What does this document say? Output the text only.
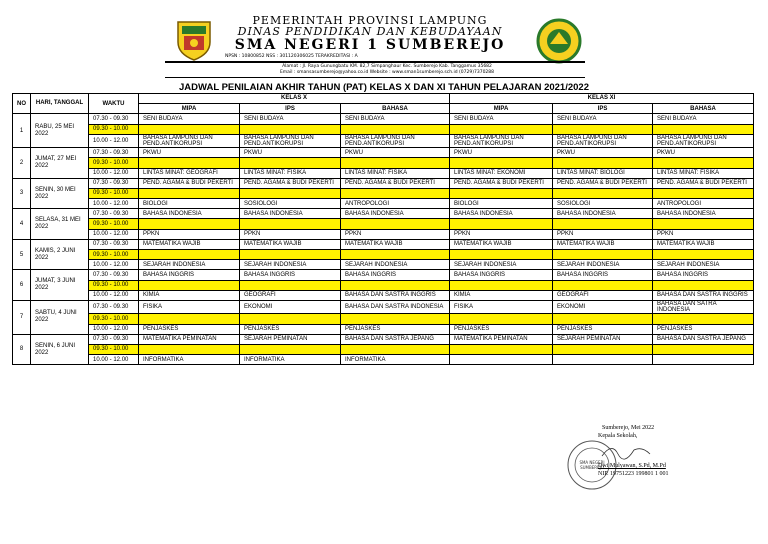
PEMERINTAH PROVINSI LAMPUNG
DINAS PENDIDIKAN DAN KEBUDAYAAN
SMA NEGERI 1 SUMBEREJO
NPSN : 10800852 NSS : 301120306025 TERAKREDITASI : A
Alamat : Jl. Raya Gunungbatu KM. 82,7 Simpanghaur Kec. Sumberejo Kab. Tanggamus 35682
Email : smansasumberejo@yahoo.co.id Website : www.sman1sumberejo.sch.id (0729)7370288
JADWAL PENILAIAN AKHIR TAHUN (PAT) KELAS X DAN XI TAHUN PELAJARAN 2021/2022
NO	HARI, TANGGAL	WAKTU	KELAS X			KELAS XI		
			MIPA	IPS	BAHASA	MIPA	IPS	BAHASA
1	RABU, 25 MEI 2022	07.30 - 09.30	SENI BUDAYA	SENI BUDAYA	SENI BUDAYA	SENI BUDAYA	SENI BUDAYA	SENI BUDAYA
		09.30 - 10.00						
		10.00 - 12.00	BAHASA LAMPUNG DAN PEND.ANTIKORUPSI	BAHASA LAMPUNG DAN PEND.ANTIKORUPSI	BAHASA LAMPUNG DAN PEND.ANTIKORUPSI	BAHASA LAMPUNG DAN PEND.ANTIKORUPSI	BAHASA LAMPUNG DAN PEND.ANTIKORUPSI	BAHASA LAMPUNG DAN PEND.ANTIKORUPSI
2	JUMAT, 27 MEI 2022	07.30 - 09.30	PKWU	PKWU	PKWU	PKWU	PKWU	PKWU
		09.30 - 10.00						
		10.00 - 12.00	LINTAS MINAT: GEOGRAFI	LINTAS MINAT: FISIKA	LINTAS MINAT: FISIKA	LINTAS MINAT: EKONOMI	LINTAS MINAT: BIOLOGI	LINTAS MINAT: FISIKA
3	SENIN, 30 MEI 2022	07.30 - 09.30	PEND. AGAMA & BUDI PEKERTI	PEND. AGAMA & BUDI PEKERTI	PEND. AGAMA & BUDI PEKERTI	PEND. AGAMA & BUDI PEKERTI	PEND. AGAMA & BUDI PEKERTI	PEND. AGAMA & BUDI PEKERTI
		09.30 - 10.00						
		10.00 - 12.00	BIOLOGI	SOSIOLOGI	ANTROPOLOGI	BIOLOGI	SOSIOLOGI	ANTROPOLOGI
4	SELASA, 31 MEI 2022	07.30 - 09.30	BAHASA INDONESIA	BAHASA INDONESIA	BAHASA INDONESIA	BAHASA INDONESIA	BAHASA INDONESIA	BAHASA INDONESIA
		09.30 - 10.00						
		10.00 - 12.00	PPKN	PPKN	PPKN	PPKN	PPKN	PPKN
5	KAMIS, 2 JUNI 2022	07.30 - 09.30	MATEMATIKA WAJIB	MATEMATIKA WAJIB	MATEMATIKA WAJIB	MATEMATIKA WAJIB	MATEMATIKA WAJIB	MATEMATIKA WAJIB
		09.30 - 10.00						
		10.00 - 12.00	SEJARAH INDONESIA	SEJARAH INDONESIA	SEJARAH INDONESIA	SEJARAH INDONESIA	SEJARAH INDONESIA	SEJARAH INDONESIA
6	JUMAT, 3 JUNI 2022	07.30 - 09.30	BAHASA INGGRIS	BAHASA INGGRIS	BAHASA INGGRIS	BAHASA INGGRIS	BAHASA INGGRIS	BAHASA INGGRIS
		09.30 - 10.00						
		10.00 - 12.00	KIMIA	GEOGRAFI	BAHASA DAN SASTRA INGGRIS	KIMIA	GEOGRAFI	BAHASA DAN SASTRA INGGRIS
7	SABTU, 4 JUNI 2022	07.30 - 09.30	FISIKA	EKONOMI	BAHASA DAN SASTRA INDONESIA	FISIKA	EKONOMI	BAHASA DAN SATRA INDONESIA
		09.30 - 10.00						
		10.00 - 12.00	PENJASKES	PENJASKES	PENJASKES	PENJASKES	PENJASKES	PENJASKES
8	SENIN, 6 JUNI 2022	07.30 - 09.30	MATEMATIKA PEMINATAN	SEJARAH PEMINATAN	BAHASA DAN SASTRA JEPANG	MATEMATIKA PEMINATAN	SEJARAH PEMINATAN	BAHASA DAN SASTRA JEPANG
		09.30 - 10.00						
		10.00 - 12.00	INFORMATIKA	INFORMATIKA	INFORMATIKA			
SMA NEGERI
SUMBEREJO
Sumberejo, Mei 2022
Kepala Sekolah,
Dwi Mulyawan, S.Pd, M.Pd
NIP. 19751223 199801 1 001
